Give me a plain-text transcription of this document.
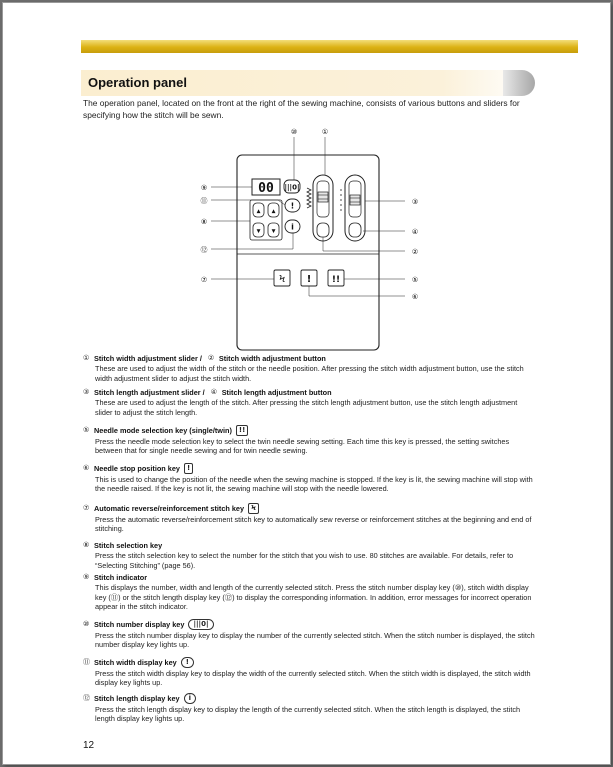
Operation panel

The operation panel, located on the front at the right of the sewing machine, consists of various buttons and sliders for specifying how the stitch will be sewn.

00 |||0|
!
i
▲ ▲
▼ ▼
Ϟ ! !!
⑩	①
⑨
⑪
⑧
⑫
⑦
③
④
②
⑤
⑥
① Stitch width adjustment slider / ② Stitch width adjustment button
These are used to adjust the width of the stitch or the needle position. After pressing the stitch width adjustment button, use the stitch width adjustment slider to adjust the stitch width.
③ Stitch length adjustment slider / ④ Stitch length adjustment button
These are used to adjust the length of the stitch. After pressing the stitch length adjustment button, use the stitch length adjustment slider to adjust the stitch length.
⑤ Needle mode selection key (single/twin)	!!
Press the needle mode selection key to select the twin needle sewing setting. Each time this key is pressed, the setting switches between that for single needle sewing and for twin needle sewing.
⑥ Needle stop position key	!
This is used to change the position of the needle when the sewing machine is stopped. If the key is lit, the sewing machine will stop with the needle raised. If the key is not lit, the sewing machine will stop with the needle lowered.
⑦ Automatic reverse/reinforcement stitch key	Ϟ
Press the automatic reverse/reinforcement stitch key to automatically sew reverse or reinforcement stitches at the beginning and end of stitching.
⑧ Stitch selection key
Press the stitch selection key to select the number for the stitch that you wish to use. 80 stitches are available. For details, refer to “Selecting Stitching” (page 56).
⑨ Stitch indicator
This displays the number, width and length of the currently selected stitch. Press the stitch number display key (⑩), stitch width display key (⑪) or the stitch length display key (⑫) to display the corresponding information. In addition, error messages for incorrect operation appear in the stitch indicator.
⑩ Stitch number display key	|||0|
Press the stitch number display key to display the number of the currently selected stitch. When the stitch number is displayed, the stitch number display key lights up.
⑪ Stitch width display key	!
Press the stitch width display key to display the width of the currently selected stitch. When the stitch width is displayed, the stitch width display key lights up.
⑫ Stitch length display key	i
Press the stitch length display key to display the length of the currently selected stitch. When the stitch length is displayed, the stitch length display key lights up.
12
